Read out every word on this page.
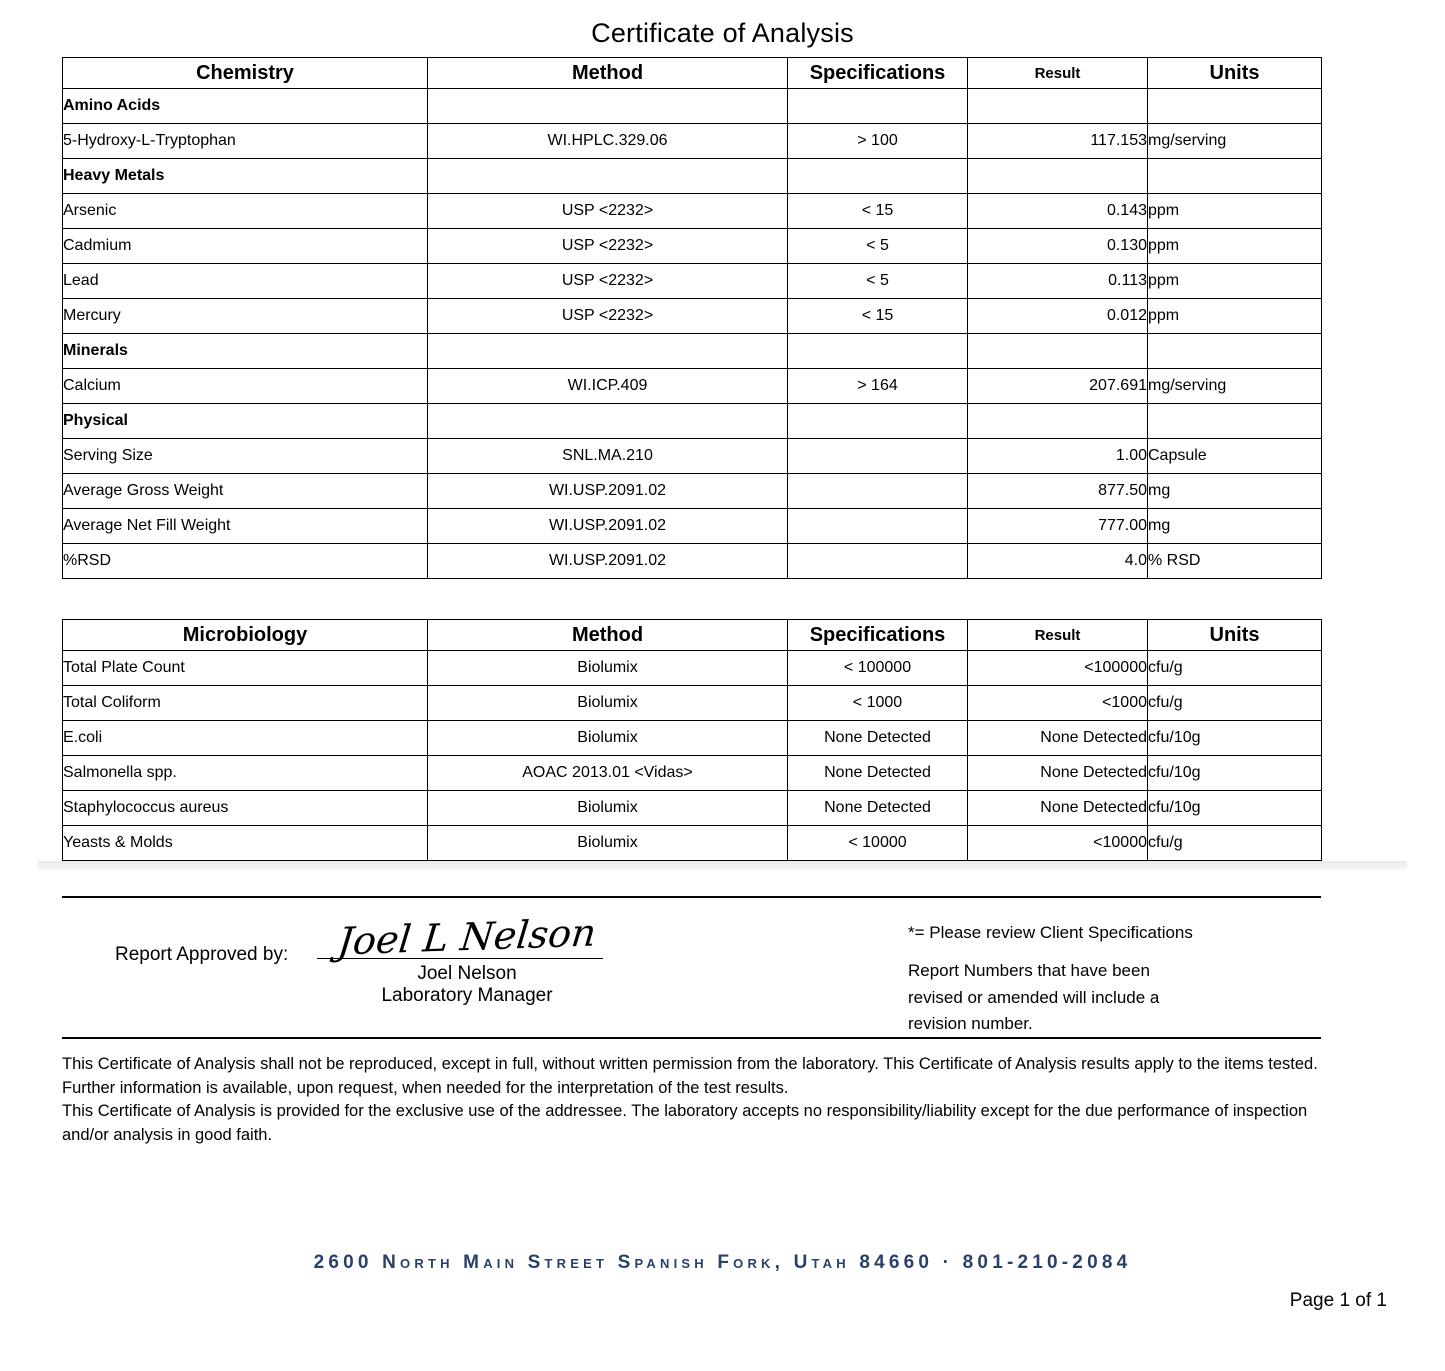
Certificate of Analysis
Chemistry	Method	Specifications	Result	Units
Amino Acids				
5-Hydroxy-L-Tryptophan	WI.HPLC.329.06	> 100	117.153	mg/serving
Heavy Metals				
Arsenic	USP <2232>	< 15	0.143	ppm
Cadmium	USP <2232>	< 5	0.130	ppm
Lead	USP <2232>	< 5	0.113	ppm
Mercury	USP <2232>	< 15	0.012	ppm
Minerals				
Calcium	WI.ICP.409	> 164	207.691	mg/serving
Physical				
Serving Size	SNL.MA.210		1.00	Capsule
Average Gross Weight	WI.USP.2091.02		877.50	mg
Average Net Fill Weight	WI.USP.2091.02		777.00	mg
%RSD	WI.USP.2091.02		4.0	% RSD
Microbiology	Method	Specifications	Result	Units
Total Plate Count	Biolumix	< 100000	<100000	cfu/g
Total Coliform	Biolumix	< 1000	<1000	cfu/g
E.coli	Biolumix	None Detected	None Detected	cfu/10g
Salmonella spp.	AOAC 2013.01 <Vidas>	None Detected	None Detected	cfu/10g
Staphylococcus aureus	Biolumix	None Detected	None Detected	cfu/10g
Yeasts & Molds	Biolumix	< 10000	<10000	cfu/g
Report Approved by:	Joel L Nelson
Joel Nelson
Laboratory Manager
*= Please review Client Specifications
Report Numbers that have been
revised or amended will include a
revision number.

This Certificate of Analysis shall not be reproduced, except in full, without written permission from the laboratory. This Certificate of Analysis results apply to the items tested. Further information is available, upon request, when needed for the interpretation of the test results.

This Certificate of Analysis is provided for the exclusive use of the addressee. The laboratory accepts no responsibility/liability except for the due performance of inspection and/or analysis in good faith.

2600 North Main Street Spanish Fork, Utah 84660 · 801-210-2084
Page 1 of 1
